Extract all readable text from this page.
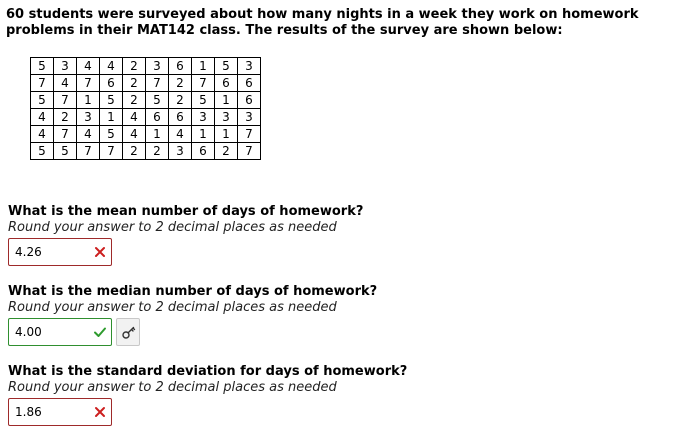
60 students were surveyed about how many nights in a week they work on homework problems in their MAT142 class. The results of the survey are shown below:
5	3	4	4	2	3	6	1	5	3
7	4	7	6	2	7	2	7	6	6
5	7	1	5	2	5	2	5	1	6
4	2	3	1	4	6	6	3	3	3
4	7	4	5	4	1	4	1	1	7
5	5	7	7	2	2	3	6	2	7
What is the mean number of days of homework?
Round your answer to 2 decimal places as needed
4.26
What is the median number of days of homework?
Round your answer to 2 decimal places as needed
4.00
What is the standard deviation for days of homework?
Round your answer to 2 decimal places as needed
1.86
